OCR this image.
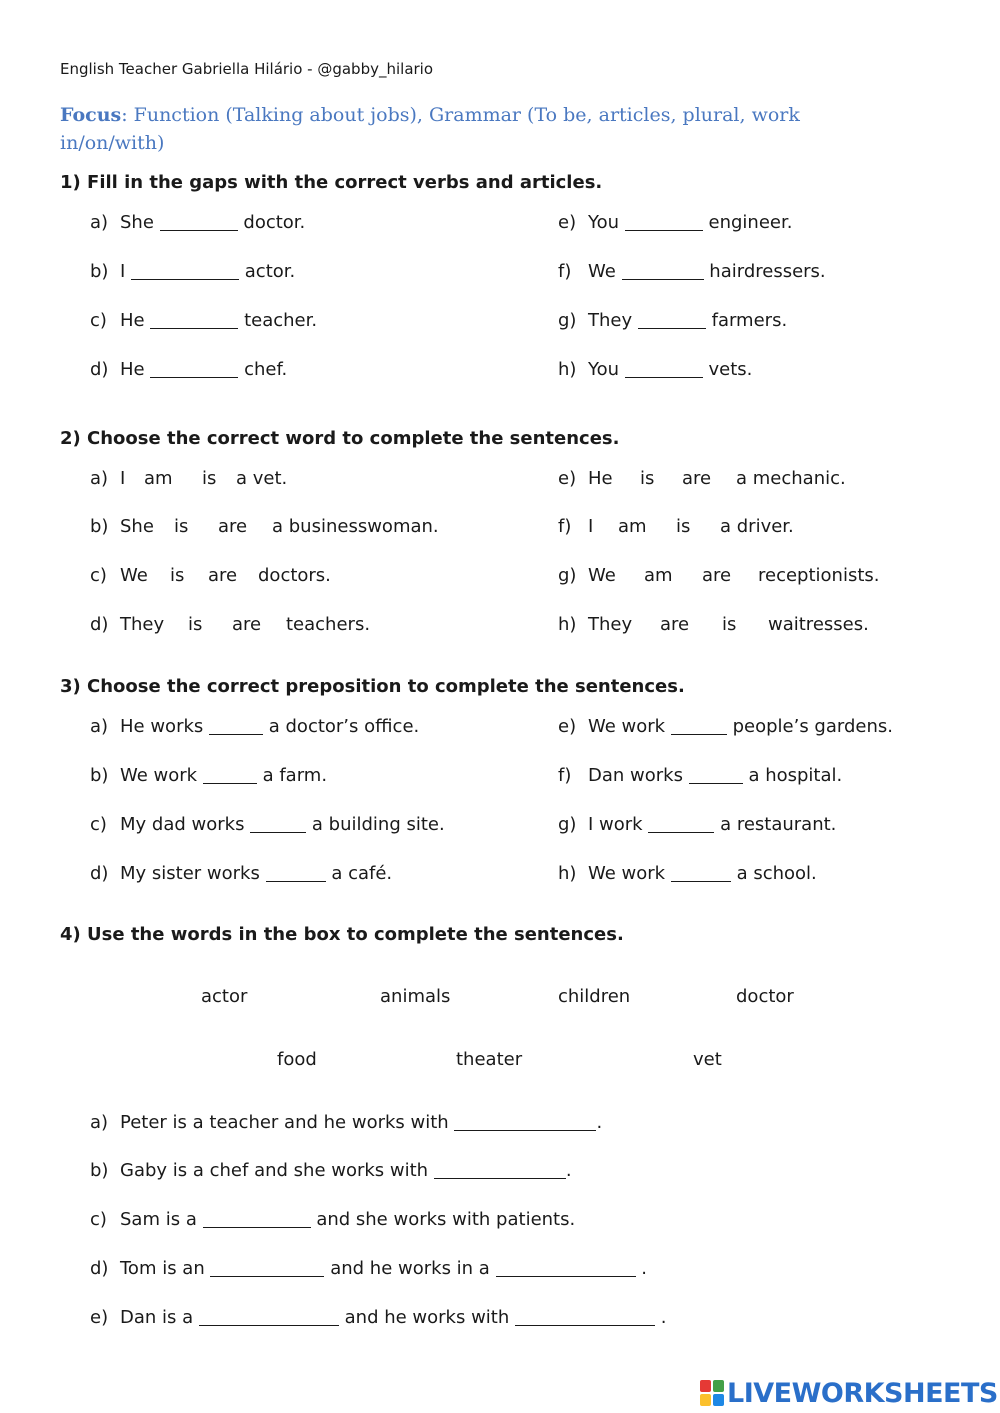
English Teacher Gabriella Hilário - @gabby_hilario
Focus: Function (Talking about jobs), Grammar (To be, articles, plural, work in/on/with)
1) Fill in the gaps with the correct verbs and articles.
a) She	doctor.
b) I	actor.
c) He	teacher.
d) He	chef.
e) You	engineer.
f) We	hairdressers.
g) They	farmers.
h) You	vets.
2) Choose the correct word to complete the sentences.
a) I am is a vet.
b) She is are a businesswoman.
c) We is are doctors.
d) They is are teachers.
e) He is are a mechanic.
f) I am is a driver.
g) We am are receptionists.
h) They are is waitresses.
3) Choose the correct preposition to complete the sentences.
a) He works	a doctor’s office.
b) We work	a farm.
c) My dad works	a building site.
d) My sister works	a café.
e) We work	people’s gardens.
f) Dan works	a hospital.
g) I work	a restaurant.
h) We work	a school.
4) Use the words in the box to complete the sentences.
actor	animals	children	doctor
food	theater	vet
a) Peter is a teacher and he works with	.
b) Gaby is a chef and she works with	.
c) Sam is a	and she works with patients.
d) Tom is an	and he works in a	.
e) Dan is a	and he works with	.
LIVEWORKSHEETS
